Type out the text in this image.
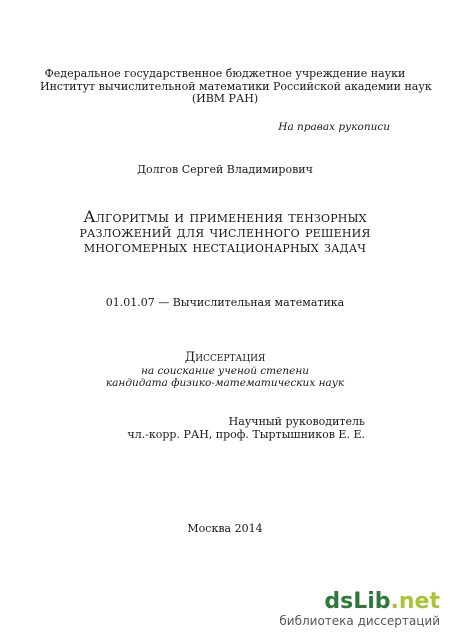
Федеральное государственное бюджетное учреждение науки
Институт вычислительной математики Российской академии наук
(ИВМ РАН)
На правах рукописи
Долгов Сергей Владимирович
Алгоритмы и применения тензорных
разложений для численного решения
многомерных нестационарных задач
01.01.07 — Вычислительная математика
Диссертация
на соискание ученой степени
кандидата физико-математических наук
Научный руководитель
чл.-корр. РАН, проф. Тыртышников Е. Е.
Москва 2014
dsLib.net
библиотека диссертаций
